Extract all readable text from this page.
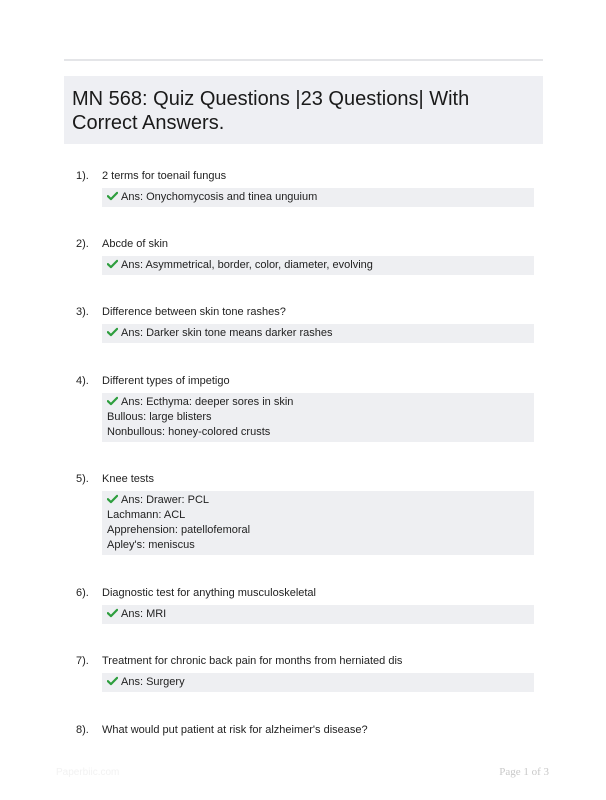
MN 568: Quiz Questions |23 Questions| With Correct Answers.
1). 2 terms for toenail fungus
Ans: Onychomycosis and tinea unguium
2). Abcde of skin
Ans: Asymmetrical, border, color, diameter, evolving
3). Difference between skin tone rashes?
Ans: Darker skin tone means darker rashes
4). Different types of impetigo
Ans: Ecthyma: deeper sores in skin
Bullous: large blisters
Nonbullous: honey-colored crusts
5). Knee tests
Ans: Drawer: PCL
Lachmann: ACL
Apprehension: patellofemoral
Apley's: meniscus
6). Diagnostic test for anything musculoskeletal
Ans: MRI
7). Treatment for chronic back pain for months from herniated dis
Ans: Surgery
8). What would put patient at risk for alzheimer's disease?
Paperbiic.com	Page 1 of 3
